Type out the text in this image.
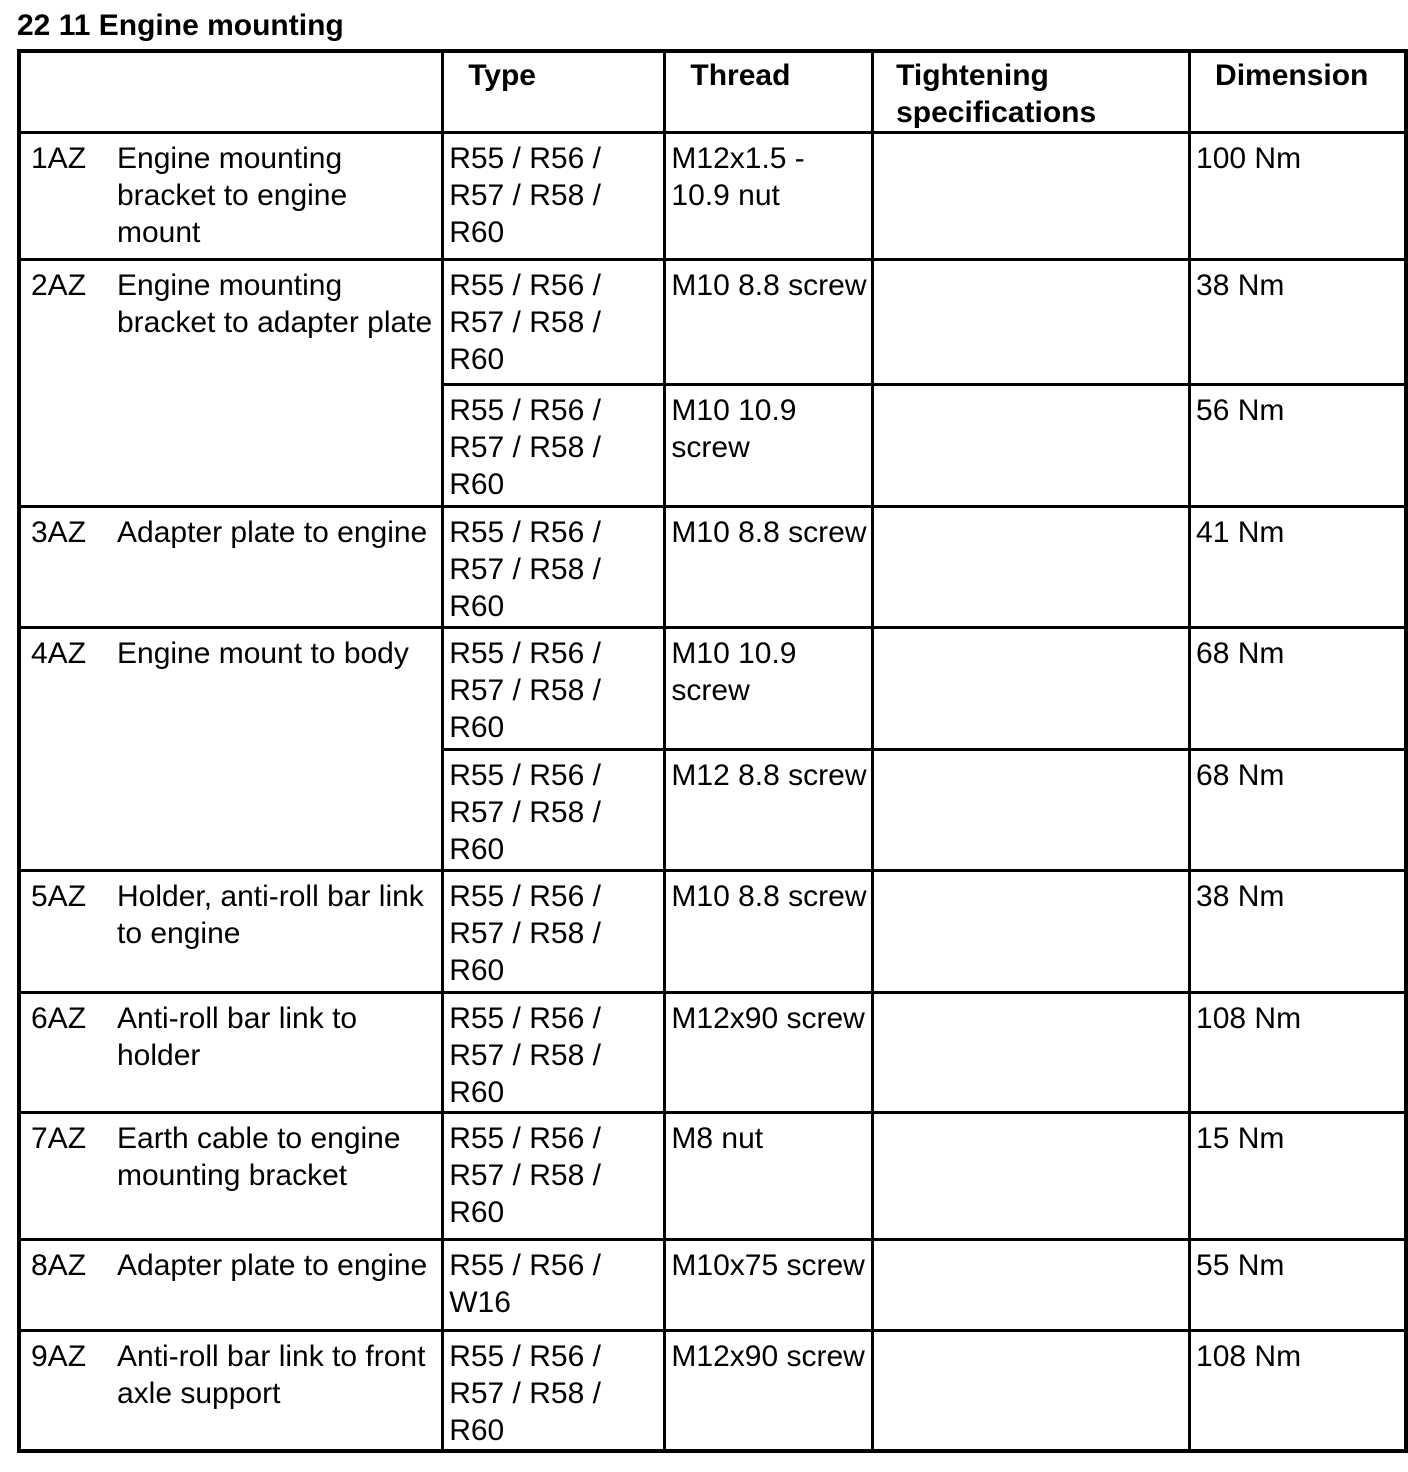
22 11 Engine mounting
	Type	Thread	Tightening specifications	Dimension
1AZ Engine mounting bracket to engine mount	R55 / R56 / R57 / R58 / R60	M12x1.5 - 10.9 nut		100 Nm
2AZ Engine mounting bracket to adapter plate	R55 / R56 / R57 / R58 / R60	M10 8.8 screw		38 Nm
	R55 / R56 / R57 / R58 / R60	M10 10.9 screw		56 Nm
3AZ Adapter plate to engine	R55 / R56 / R57 / R58 / R60	M10 8.8 screw		41 Nm
4AZ Engine mount to body	R55 / R56 / R57 / R58 / R60	M10 10.9 screw		68 Nm
	R55 / R56 / R57 / R58 / R60	M12 8.8 screw		68 Nm
5AZ Holder, anti-roll bar link to engine	R55 / R56 / R57 / R58 / R60	M10 8.8 screw		38 Nm
6AZ Anti-roll bar link to holder	R55 / R56 / R57 / R58 / R60	M12x90 screw		108 Nm
7AZ Earth cable to engine mounting bracket	R55 / R56 / R57 / R58 / R60	M8 nut		15 Nm
8AZ Adapter plate to engine	R55 / R56 / W16	M10x75 screw		55 Nm
9AZ Anti-roll bar link to front axle support	R55 / R56 / R57 / R58 / R60	M12x90 screw		108 Nm
